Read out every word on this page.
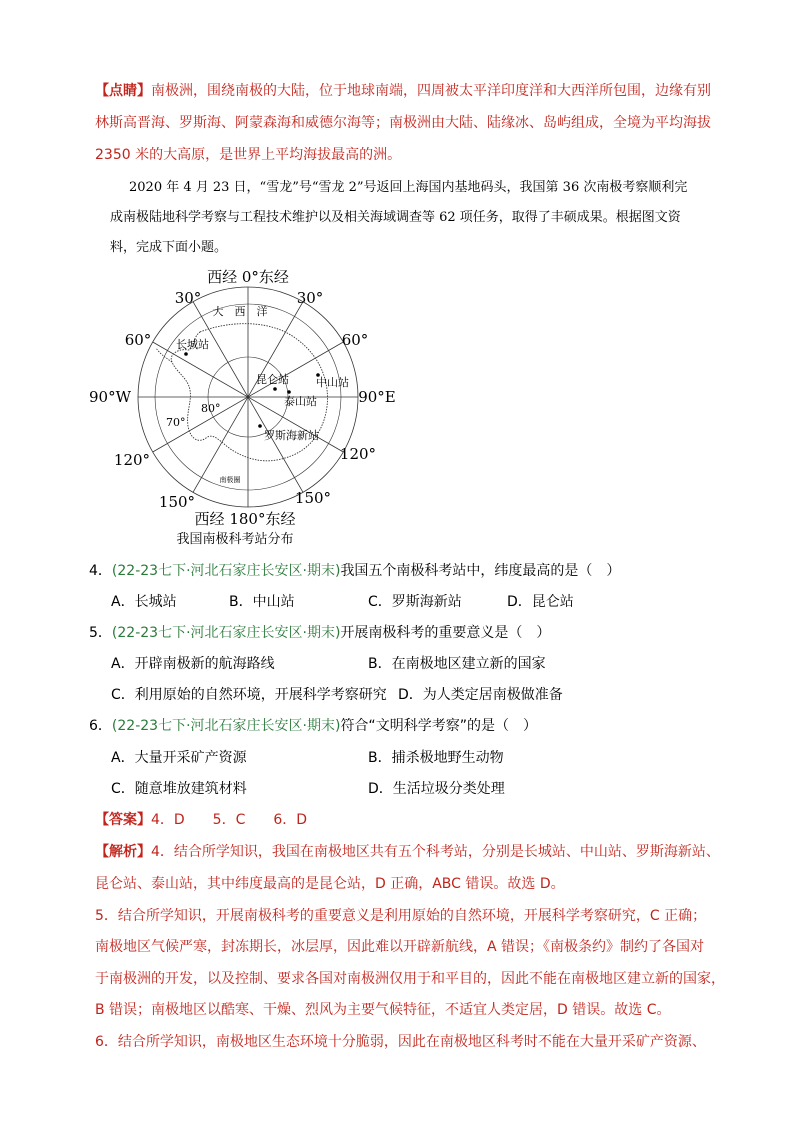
【点睛】南极洲，围绕南极的大陆，位于地球南端，四周被太平洋印度洋和大西洋所包围，边缘有别
林斯高晋海、罗斯海、阿蒙森海和威德尔海等；南极洲由大陆、陆缘冰、岛屿组成，全境为平均海拔
2350 米的大高原，是世界上平均海拔最高的洲。
2020 年 4 月 23 日，“雪龙”号“雪龙 2”号返回上海国内基地码头，我国第 36 次南极考察顺利完
成南极陆地科学考察与工程技术维护以及相关海域调查等 62 项任务，取得了丰硕成果。根据图文资
料，完成下面小题。
西经 0°东经
30°	30°
60°	60°
90°W	90°E
120°	120°
150°	150°
西经 180°东经
我国南极科考站分布
80°
70°
大　西　洋
南极圈
长城站
昆仑站 中山站
泰山站
罗斯海新站
4．(22-23七下·河北石家庄长安区·期末)我国五个南极科考站中，纬度最高的是（　）
A．长城站	B．中山站	C．罗斯海新站	D．昆仑站
5．(22-23七下·河北石家庄长安区·期末)开展南极科考的重要意义是（　）
A．开辟南极新的航海路线	B．在南极地区建立新的国家
C．利用原始的自然环境，开展科学考察研究 D．为人类定居南极做准备
6．(22-23七下·河北石家庄长安区·期末)符合“文明科学考察”的是（　）
A．大量开采矿产资源	B．捕杀极地野生动物
C．随意堆放建筑材料	D．生活垃圾分类处理
【答案】4．D　　5．C　　6．D
【解析】4．结合所学知识，我国在南极地区共有五个科考站，分别是长城站、中山站、罗斯海新站、
昆仑站、泰山站，其中纬度最高的是昆仑站，D 正确，ABC 错误。故选 D。
5．结合所学知识，开展南极科考的重要意义是利用原始的自然环境，开展科学考察研究，C 正确；
南极地区气候严寒，封冻期长，冰层厚，因此难以开辟新航线，A 错误；《南极条约》制约了各国对
于南极洲的开发，以及控制、要求各国对南极洲仅用于和平目的，因此不能在南极地区建立新的国家，
B 错误；南极地区以酷寒、干燥、烈风为主要气候特征，不适宜人类定居，D 错误。故选 C。
6．结合所学知识，南极地区生态环境十分脆弱，因此在南极地区科考时不能在大量开采矿产资源、
